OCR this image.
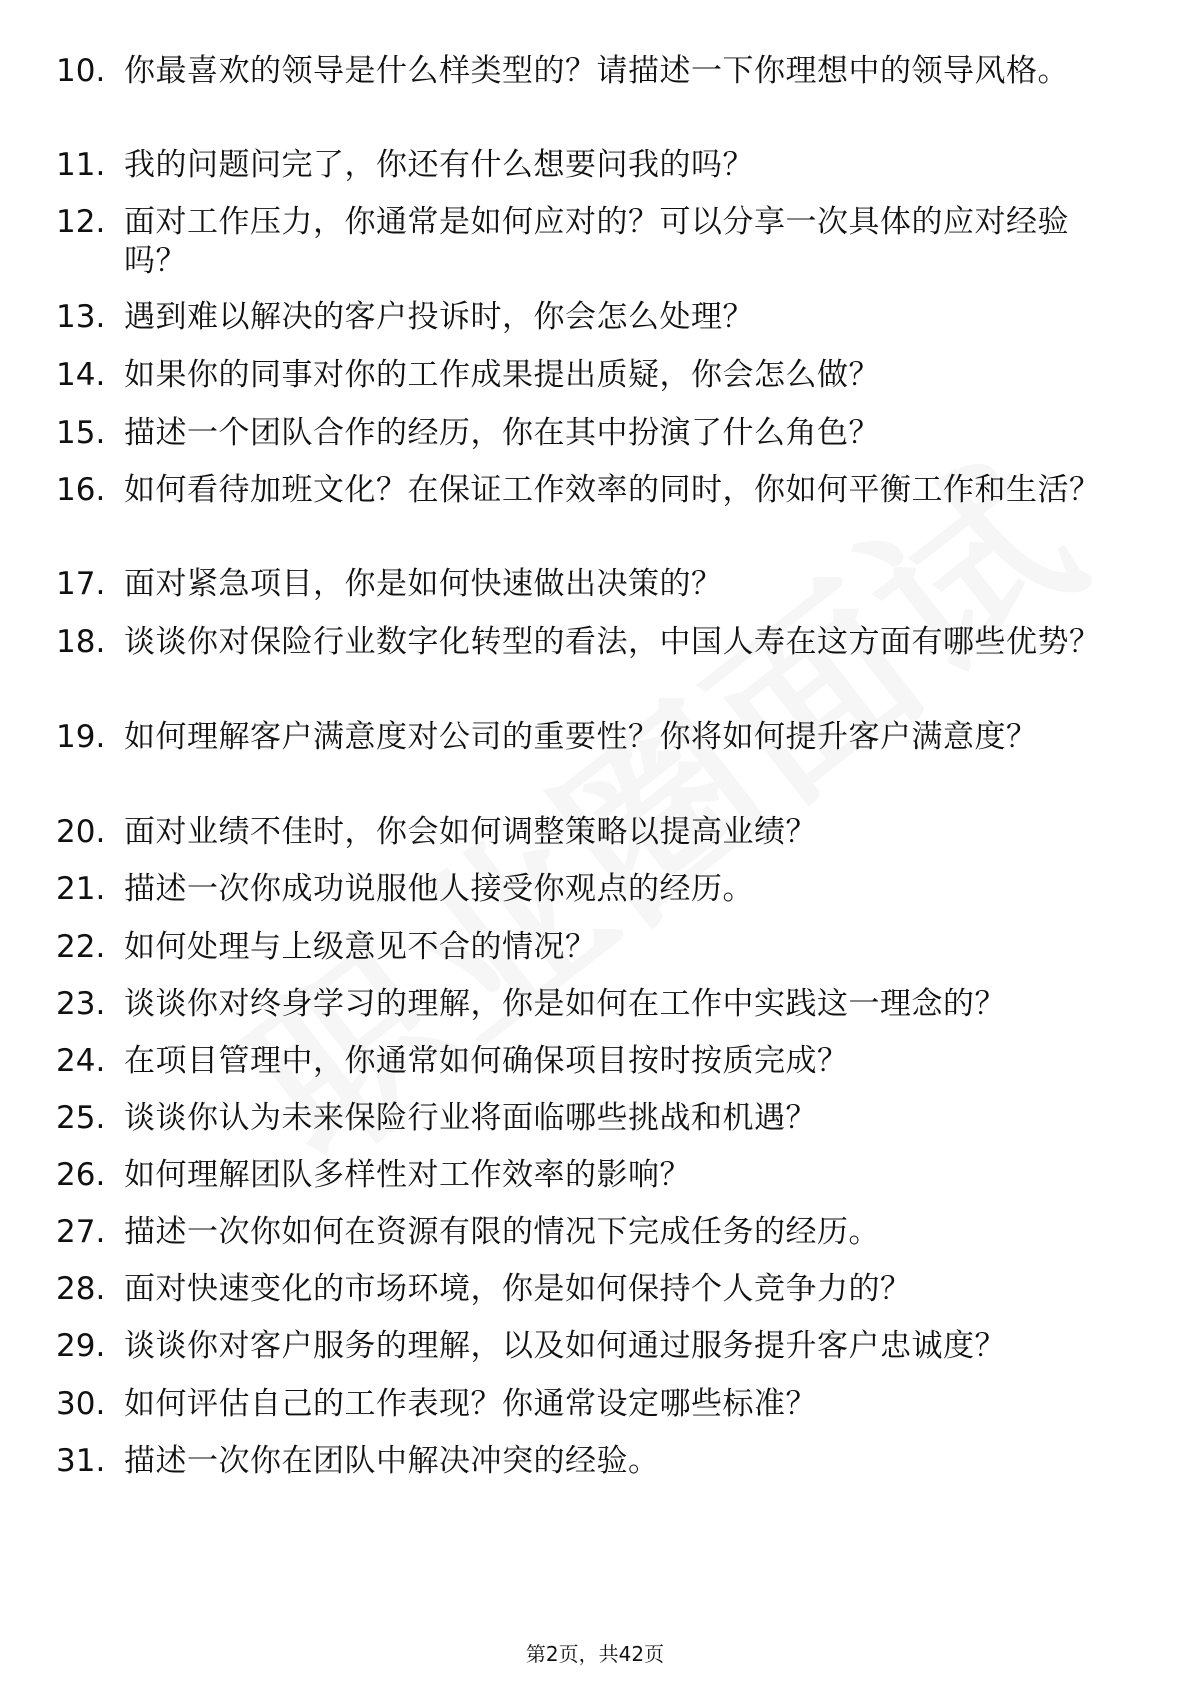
10. 你最喜欢的领导是什么样类型的？请描述一下你理想中的领导风格。
11. 我的问题问完了，你还有什么想要问我的吗？
12. 面对工作压力，你通常是如何应对的？可以分享一次具体的应对经验吗？
13. 遇到难以解决的客户投诉时，你会怎么处理？
14. 如果你的同事对你的工作成果提出质疑，你会怎么做？
15. 描述一个团队合作的经历，你在其中扮演了什么角色？
16. 如何看待加班文化？在保证工作效率的同时，你如何平衡工作和生活？
17. 面对紧急项目，你是如何快速做出决策的？
18. 谈谈你对保险行业数字化转型的看法，中国人寿在这方面有哪些优势？
19. 如何理解客户满意度对公司的重要性？你将如何提升客户满意度？
20. 面对业绩不佳时，你会如何调整策略以提高业绩？
21. 描述一次你成功说服他人接受你观点的经历。
22. 如何处理与上级意见不合的情况？
23. 谈谈你对终身学习的理解，你是如何在工作中实践这一理念的？
24. 在项目管理中，你通常如何确保项目按时按质完成？
25. 谈谈你认为未来保险行业将面临哪些挑战和机遇？
26. 如何理解团队多样性对工作效率的影响？
27. 描述一次你如何在资源有限的情况下完成任务的经历。
28. 面对快速变化的市场环境，你是如何保持个人竞争力的？
29. 谈谈你对客户服务的理解，以及如何通过服务提升客户忠诚度？
30. 如何评估自己的工作表现？你通常设定哪些标准？
31. 描述一次你在团队中解决冲突的经验。
第2页，共42页
